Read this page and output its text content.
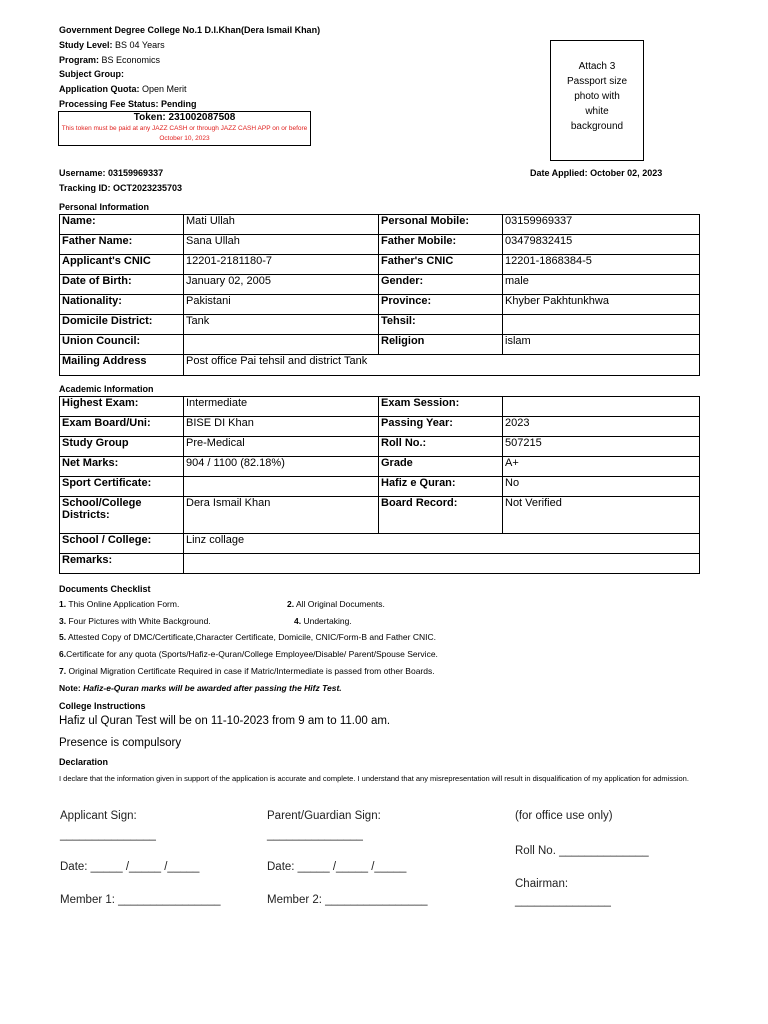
Government Degree College No.1 D.I.Khan(Dera Ismail Khan)
Study Level: BS 04 Years
Program: BS Economics
Subject Group:
Application Quota: Open Merit
Processing Fee Status: Pending
Token: 231002087508
This token must be paid at any JAZZ CASH or through JAZZ CASH APP on or before October 10, 2023
Attach 3
Passport size
photo with
white
background
Username: 03159969337
Tracking ID: OCT2023235703
Date Applied: October 02, 2023
Personal Information
Name:	Mati Ullah	Personal Mobile:	03159969337
Father Name:	Sana Ullah	Father Mobile:	03479832415
Applicant's CNIC	12201-2181180-7	Father's CNIC	12201-1868384-5
Date of Birth:	January 02, 2005	Gender:	male
Nationality:	Pakistani	Province:	Khyber Pakhtunkhwa
Domicile District:	Tank	Tehsil:	
Union Council:		Religion	islam
Mailing Address	Post office Pai tehsil and district Tank		
Academic Information
Highest Exam:	Intermediate	Exam Session:	
Exam Board/Uni:	BISE DI Khan	Passing Year:	2023
Study Group	Pre-Medical	Roll No.:	507215
Net Marks:	904 / 1100 (82.18%)	Grade	A+
Sport Certificate:		Hafiz e Quran:	No
School/College Districts:	Dera Ismail Khan	Board Record:	Not Verified
School / College:	Linz collage		
Remarks:			
Documents Checklist
1. This Online Application Form.	2. All Original Documents.
3. Four Pictures with White Background.	4. Undertaking.
5. Attested Copy of DMC/Certificate,Character Certificate, Domicile, CNIC/Form-B and Father CNIC.
6.Certificate for any quota (Sports/Hafiz-e-Quran/College Employee/Disable/ Parent/Spouse Service.
7. Original Migration Certificate Required in case if Matric/Intermediate is passed from other Boards.
Note: Hafiz-e-Quran marks will be awarded after passing the Hifz Test.
College Instructions
Hafiz ul Quran Test will be on 11-10-2023 from 9 am to 11.00 am.
Presence is compulsory
Declaration
I declare that the information given in support of the application is accurate and complete. I understand that any misrepresentation will result in disqualification of my application for admission.
Applicant Sign:
_______________
Parent/Guardian Sign:
_______________
(for office use only)
Roll No. ______________
Date: _____ /_____ /_____	Date: _____ /_____ /_____
Chairman:
Member 1: ________________	Member 2: ________________	_______________
